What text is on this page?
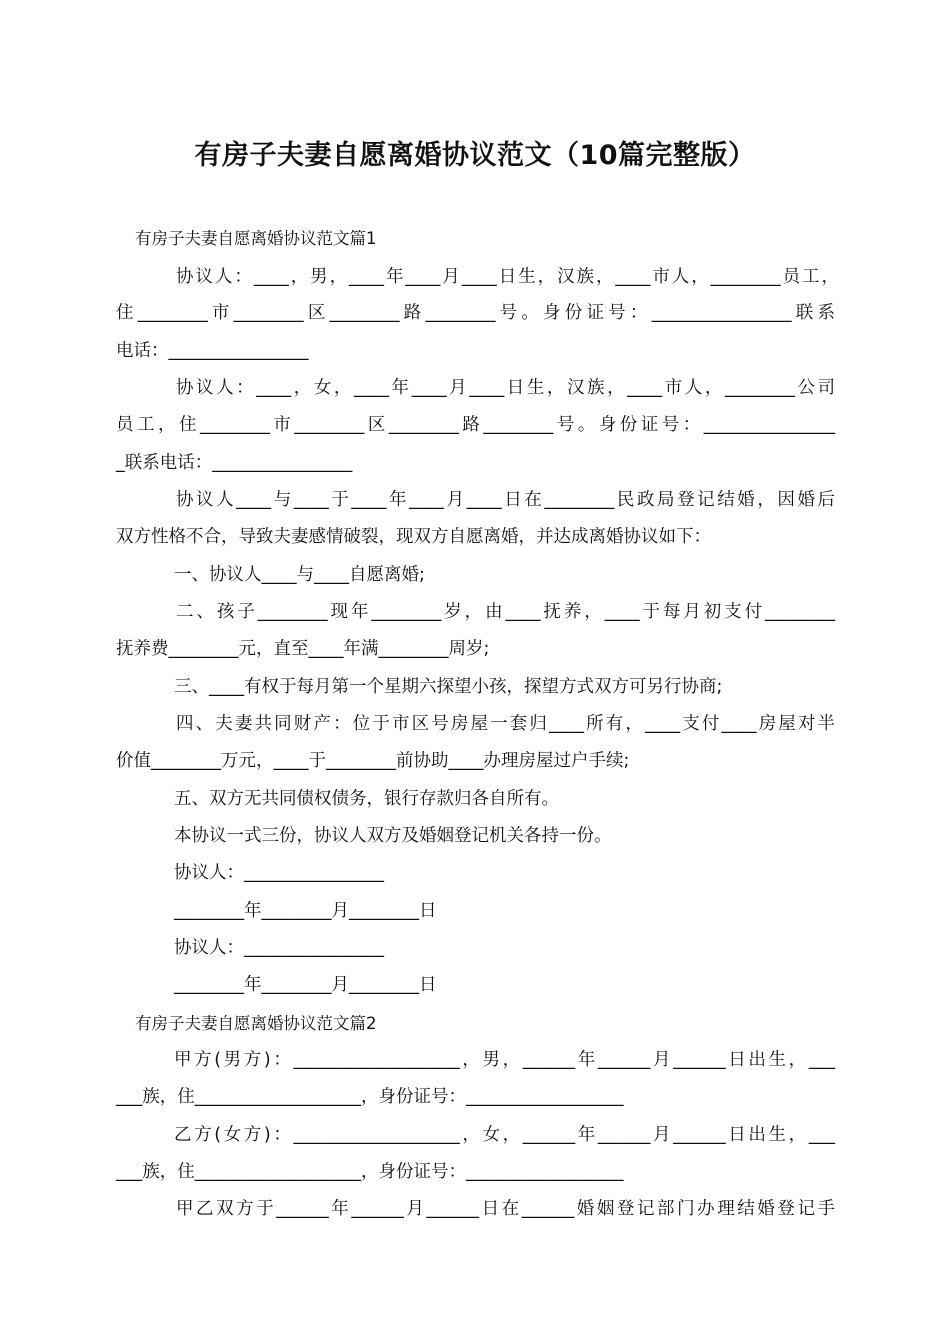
有房子夫妻自愿离婚协议范文（10篇完整版）
有房子夫妻自愿离婚协议范文篇1
协议人：____，男，____年____月____日生，汉族，____市人，________员工，
住________市________区________路________号。身份证号：________________联系
电话：________________
协议人：____，女，____年____月____日生，汉族，____市人，________公司
员工，住________市________区________路________号。身份证号：_______________
_联系电话：________________
协议人____与____于____年____月____日在________民政局登记结婚，因婚后
双方性格不合，导致夫妻感情破裂，现双方自愿离婚，并达成离婚协议如下：
一、协议人____与____自愿离婚;
二、孩子________现年________岁，由____抚养，____于每月初支付________
抚养费________元，直至____年满________周岁;
三、____有权于每月第一个星期六探望小孩，探望方式双方可另行协商;
四、夫妻共同财产：位于市区号房屋一套归____所有，____支付____房屋对半
价值________万元，____于________前协助____办理房屋过户手续;
五、双方无共同债权债务，银行存款归各自所有。
本协议一式三份，协议人双方及婚姻登记机关各持一份。
协议人：________________
________年________月________日
协议人：________________
________年________月________日
有房子夫妻自愿离婚协议范文篇2
甲方(男方)：___________________，男，______年______月______日出生，___
___族，住___________________，身份证号：__________________
乙方(女方)：___________________，女，______年______月______日出生，___
___族，住___________________，身份证号：__________________
甲乙双方于______年______月______日在______婚姻登记部门办理结婚登记手
